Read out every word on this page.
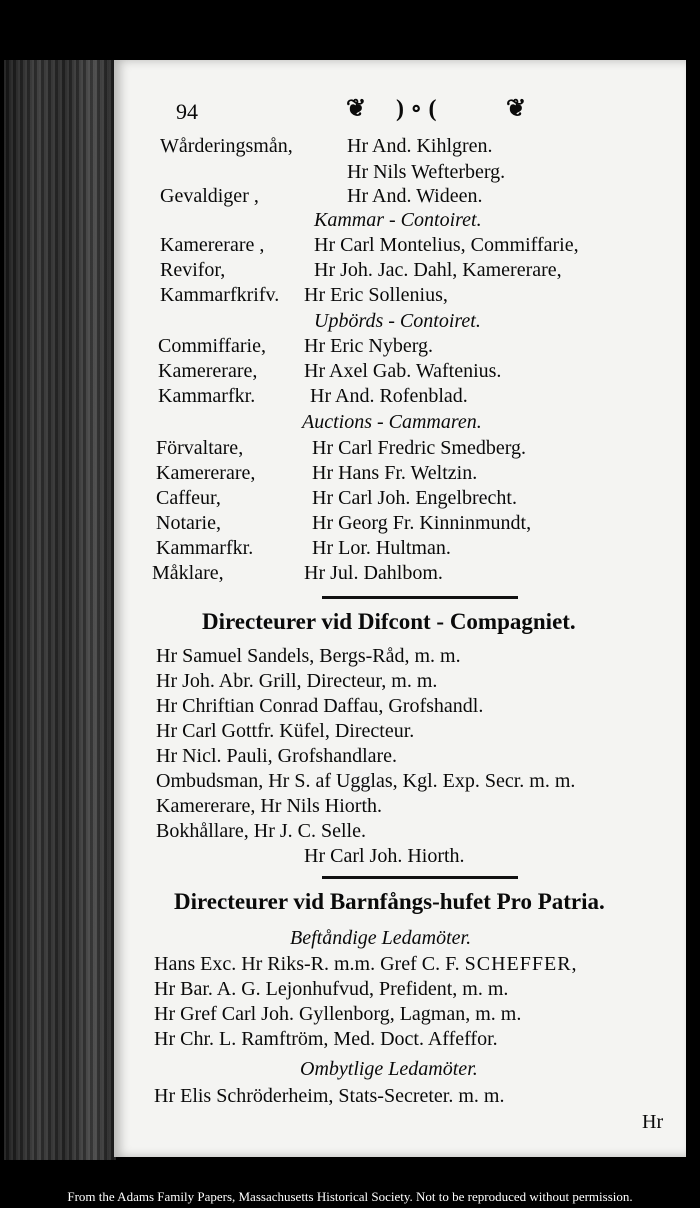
94	❦ ) ∘ (	❦
Wårderingsmån,	Hr And. Kihlgren.
Hr Nils Wefterberg.
Gevaldiger ,	Hr And. Wideen.
Kammar - Contoiret.
Kamererare , Hr Carl Montelius, Commiffarie,
Revifor,	Hr Joh. Jac. Dahl, Kamererare,
Kammarfkrifv. Hr Eric Sollenius,
Upbörds - Contoiret.
Commiffarie, Hr Eric Nyberg.
Kamererare, Hr Axel Gab. Waftenius.
Kammarfkr.	Hr And. Rofenblad.
Auctions - Cammaren.
Förvaltare,	Hr Carl Fredric Smedberg.
Kamererare,	Hr Hans Fr. Weltzin.
Caffeur,	Hr Carl Joh. Engelbrecht.
Notarie,	Hr Georg Fr. Kinninmundt,
Kammarfkr.	Hr Lor. Hultman.
Måklare,	Hr Jul. Dahlbom.
Directeurer vid Difcont - Compagniet.
Hr Samuel Sandels, Bergs-Råd, m. m.
Hr Joh. Abr. Grill, Directeur, m. m.
Hr Chriftian Conrad Daffau, Grofshandl.
Hr Carl Gottfr. Küfel, Directeur.
Hr Nicl. Pauli, Grofshandlare.
Ombudsman, Hr S. af Ugglas, Kgl. Exp. Secr. m. m.
Kamererare, Hr Nils Hiorth.
Bokhållare, Hr J. C. Selle.
Hr Carl Joh. Hiorth.
Directeurer vid Barnfångs-hufet Pro Patria.
Beftåndige Ledamöter.
Hans Exc. Hr Riks-R. m.m. Gref C. F. SCHEFFER,
Hr Bar. A. G. Lejonhufvud, Prefident, m. m.
Hr Gref Carl Joh. Gyllenborg, Lagman, m. m.
Hr Chr. L. Ramftröm, Med. Doct. Affeffor.
Ombytlige Ledamöter.
Hr Elis Schröderheim, Stats-Secreter. m. m.
Hr
From the Adams Family Papers, Massachusetts Historical Society. Not to be reproduced without permission.
